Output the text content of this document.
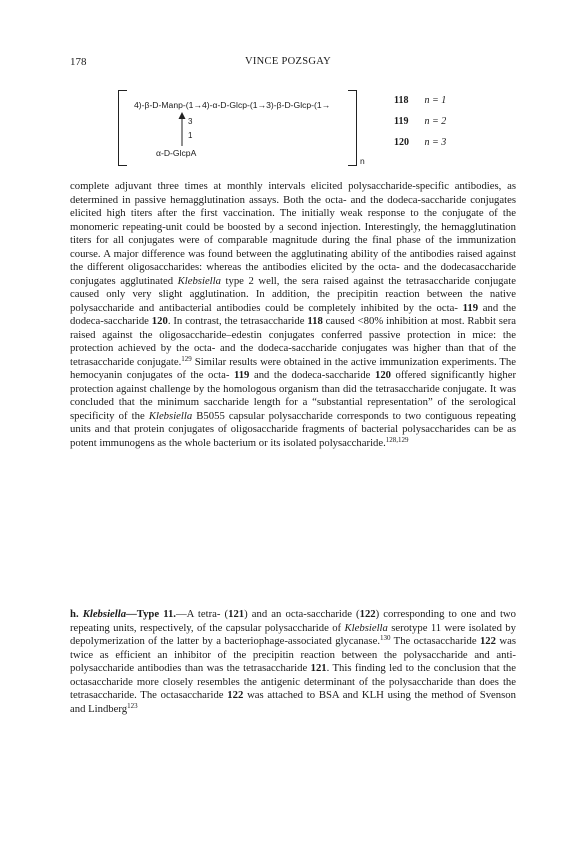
178	VINCE POZSGAY
4)-β-D-Manp-(1→4)-α-D-Glcp-(1→3)-β-D-Glcp-(1→
3
1
α-D-GlcpA
n
118 n = 1
119 n = 2
120 n = 3

complete adjuvant three times at monthly intervals elicited polysaccharide-specific antibodies, as determined in passive hemagglutination assays. Both the octa- and the dodeca-saccharide conjugates elicited high titers after the first vaccination. The initially weak response to the conjugate of the monomeric repeating-unit could be boosted by a second injection. Interestingly, the hemagglutination titers for all conjugates were of comparable magnitude during the final phase of the immunization course. A major difference was found between the agglutinating ability of the antibodies raised against the different oligosaccharides: whereas the antibodies elicited by the octa- and the dodecasaccharide conjugates agglutinated Klebsiella type 2 well, the sera raised against the tetrasaccharide conjugate caused only very slight agglutination. In addition, the precipitin reaction between the native polysaccharide and antibacterial antibodies could be completely inhibited by the octa- 119 and the dodeca-saccharide 120. In contrast, the tetrasaccharide 118 caused <80% inhibition at most. Rabbit sera raised against the oligosaccharide–edestin conjugates conferred passive protection in mice: the protection achieved by the octa- and the dodeca-saccharide conjugates was higher than that of the tetrasaccharide conjugate.$^{129}$ Similar results were obtained in the active immunization experiments. The hemocyanin conjugates of the octa- 119 and the dodeca-saccharide 120 offered significantly higher protection against challenge by the homologous organism than did the tetrasaccharide conjugate. It was concluded that the minimum saccharide length for a “substantial representation” of the serological specificity of the Klebsiella B5055 capsular polysaccharide corresponds to two contiguous repeating units and that protein conjugates of oligosaccharide fragments of bacterial polysaccharides can be as potent immunogens as the whole bacterium or its isolated polysaccharide.$^{128,129}$

h. Klebsiella—Type 11.—A tetra- (121) and an octa-saccharide (122) corresponding to one and two repeating units, respectively, of the capsular polysaccharide of Klebsiella serotype 11 were isolated by depolymerization of the latter by a bacteriophage-associated glycanase.$^{130}$ The octasaccharide 122 was twice as efficient an inhibitor of the precipitin reaction between the polysaccharide and anti-polysaccharide antibodies than was the tetrasaccharide 121. This finding led to the conclusion that the octasaccharide more closely resembles the antigenic determinant of the polysaccharide than does the tetrasaccharide. The octasaccharide 122 was attached to BSA and KLH using the method of Svenson and Lindberg$^{123}$
